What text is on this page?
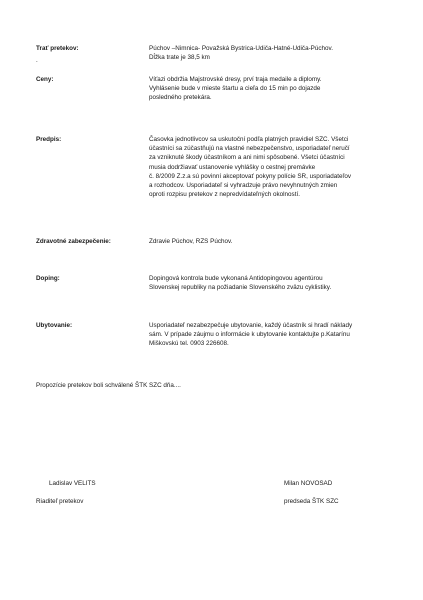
Trať pretekov:
.
Púchov –Nimnica- Považská Bystrica-Udiča-Hatné-Udiča-Púchov.
Dĺžka trate je 38,5 km
Ceny:	Víťazi obdržia Majstrovské dresy, prví traja medaile a diplomy.
Vyhlásenie bude v mieste štartu a cieľa do 15 min po dojazde
posledného pretekára.
Predpis:	Časovka jednotlivcov sa uskutoční podľa platných pravidiel SZC. Všetci
účastníci sa zúčastňujú na vlastné nebezpečenstvo, usporiadateľ neručí
za vzniknuté škody účastníkom a ani nimi spôsobené. Všetci účastníci
musia dodržiavať ustanovenie vyhlášky o cestnej premávke
č. 8/2009 Z.z.a sú povinní akceptovať pokyny polície SR, usporiadateľov
a rozhodcov. Usporiadateľ si vyhradzuje právo nevyhnutných zmien
oproti rozpisu pretekov z nepredvídateľných okolností.
Zdravotné zabezpečenie:	Zdravie Púchov, RZS Púchov.
Doping:	Dopingová kontrola bude vykonaná Antidopingovou agentúrou
Slovenskej republiky na požiadanie Slovenského zväzu cyklistiky.
Ubytovanie:	Usporiadateľ nezabezpečuje ubytovanie, každý účastník si hradí náklady
sám. V prípade záujmu o informácie k ubytovanie kontaktujte p.Katarínu
Miškovskú tel. 0903 226608.
Propozície pretekov boli schválené ŠTK SZC dňa....
Ladislav VELITS
Riaditeľ pretekov
Milan NOVOSAD
predseda ŠTK SZC
